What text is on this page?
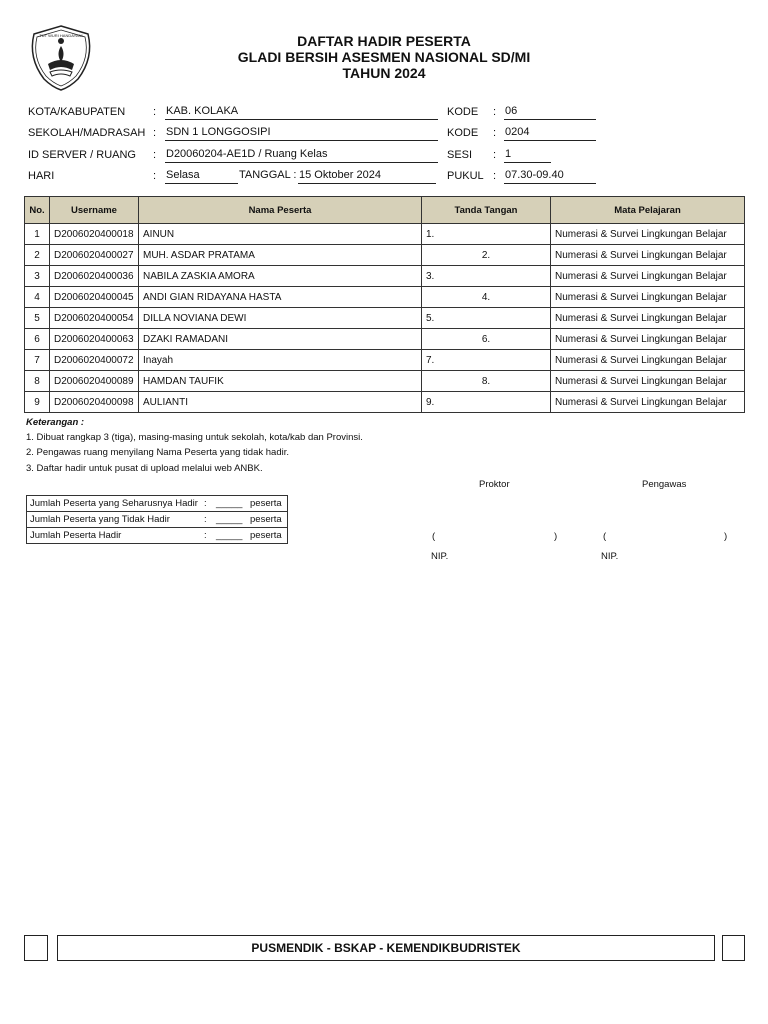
TUT WURI HANDAYANI	DAFTAR HADIR PESERTA
GLADI BERSIH ASESMEN NASIONAL SD/MI
TAHUN 2024
KOTA/KABUPATEN	: KAB. KOLAKA
SEKOLAH/MADRASAH : SDN 1 LONGGOSIPI
ID SERVER / RUANG : D20060204-AE1D / Ruang Kelas
HARI	: Selasa	TANGGAL : 15 Oktober 2024
KODE : 06
KODE : 0204
SESI : 1
PUKUL : 07.30-09.40
No.	Username	Nama Peserta	Tanda Tangan	Mata Pelajaran
1	D2006020400018	AINUN	1.	Numerasi & Survei Lingkungan Belajar
2	D2006020400027	MUH. ASDAR PRATAMA	2.	Numerasi & Survei Lingkungan Belajar
3	D2006020400036	NABILA ZASKIA AMORA	3.	Numerasi & Survei Lingkungan Belajar
4	D2006020400045	ANDI GIAN RIDAYANA HASTA	4.	Numerasi & Survei Lingkungan Belajar
5	D2006020400054	DILLA NOVIANA DEWI	5.	Numerasi & Survei Lingkungan Belajar
6	D2006020400063	DZAKI RAMADANI	6.	Numerasi & Survei Lingkungan Belajar
7	D2006020400072	Inayah	7.	Numerasi & Survei Lingkungan Belajar
8	D2006020400089	HAMDAN TAUFIK	8.	Numerasi & Survei Lingkungan Belajar
9	D2006020400098	AULIANTI	9.	Numerasi & Survei Lingkungan Belajar
Keterangan :
1. Dibuat rangkap 3 (tiga), masing-masing untuk sekolah, kota/kab dan Provinsi.
2. Pengawas ruang menyilang Nama Peserta yang tidak hadir.
3. Daftar hadir untuk pusat di upload melalui web ANBK.
Proktor	Pengawas
Jumlah Peserta yang Seharusnya Hadir	:	_____	peserta
Jumlah Peserta yang Tidak Hadir	:	_____	peserta
Jumlah Peserta Hadir	:	_____	peserta	(	)	(	)
NIP.	NIP.
PUSMENDIK - BSKAP - KEMENDIKBUDRISTEK
